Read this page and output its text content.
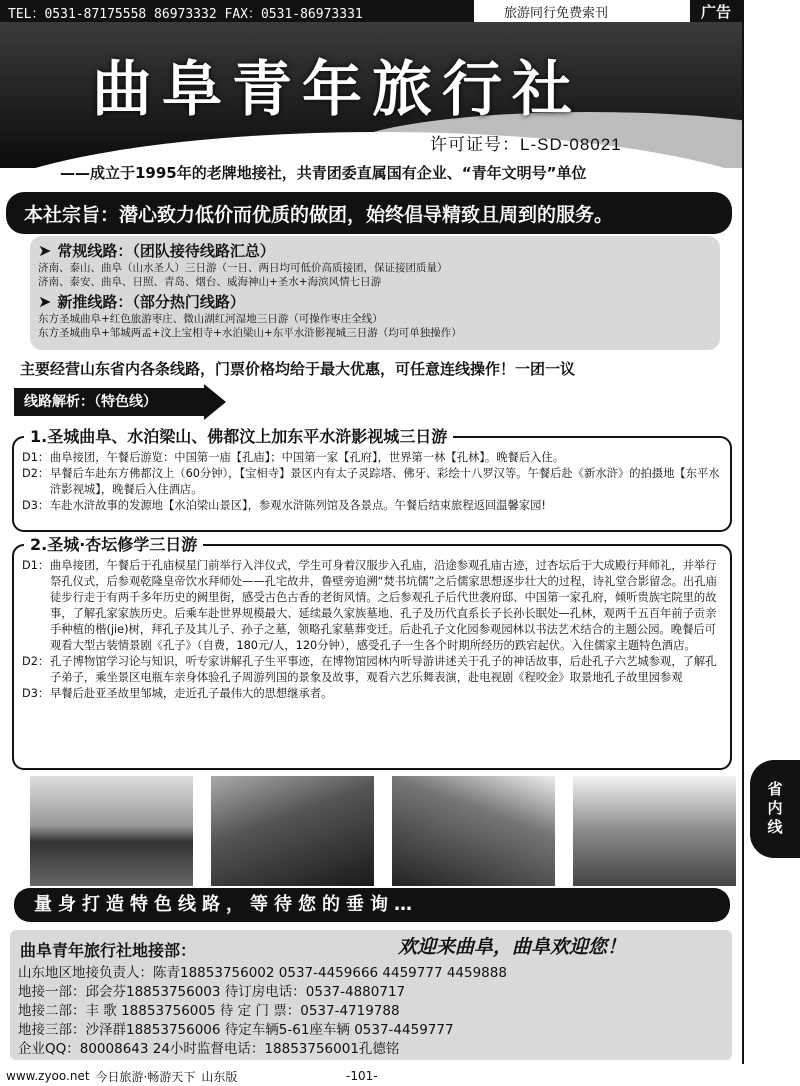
TEL：0531-87175558 86973332 FAX：0531-86973331	旅游同行免费索刊	广告
省内线
曲阜青年旅行社
许可证号：L-SD-08021
——成立于1995年的老牌地接社，共青团委直属国有企业、“青年文明号”单位
本社宗旨：潜心致力低价而优质的做团，始终倡导精致且周到的服务。
➤ 常规线路：（团队接待线路汇总）
济南、泰山、曲阜（山水圣人）三日游（一日、两日均可低价高质接团，保证接团质量）
济南、泰安、曲阜、日照、青岛、烟台、威海神山+圣水+海滨风情七日游
➤ 新推线路：（部分热门线路）
东方圣城曲阜+红色旅游枣庄、微山湖红河湿地三日游（可操作枣庄全线）
东方圣城曲阜+邹城两孟+汶上宝相寺+水泊梁山+东平水浒影视城三日游（均可单独操作）
主要经营山东省内各条线路，门票价格均给于最大优惠，可任意连线操作！一团一议
线路解析：（特色线）
1.圣城曲阜、水泊梁山、佛都汶上加东平水浒影视城三日游
D1： 曲阜接团，午餐后游览：中国第一庙【孔庙】；中国第一家【孔府】，世界第一林【孔林】。晚餐后入住。
D2： 早餐后车赴东方佛都汶上（60分钟），【宝相寺】景区内有太子灵踪塔、佛牙、彩绘十八罗汉等。午餐后赴《新水浒》的拍摄地【东平水浒影视城】，晚餐后入住酒店。
D3： 车赴水浒故事的发源地【水泊梁山景区】，参观水浒陈列馆及各景点。午餐后结束旅程返回温馨家园!
2.圣城·杏坛修学三日游
D1： 曲阜接团，午餐后于孔庙棂星门前举行入泮仪式，学生可身着汉服步入孔庙，沿途参观孔庙古迹，过杏坛后于大成殿行拜师礼，并举行祭孔仪式，后参观乾隆皇帝饮水拜师处——孔宅故井，鲁壁旁追溯“焚书坑儒”之后儒家思想逐步壮大的过程，诗礼堂合影留念。出孔庙徒步行走于有两千多年历史的阙里街，感受古色古香的老街风情。之后参观孔子后代世袭府邸、中国第一家孔府，倾听贵族宅院里的故事，了解孔家家族历史。后乘车赴世界规模最大、延续最久家族墓地、孔子及历代直系长子长孙长眠处—孔林，观两千五百年前子贡亲手种植的楷(jie)树，拜孔子及其儿子、孙子之墓，领略孔家墓葬变迁。后赴孔子文化园参观园林以书法艺术结合的主题公园。晚餐后可观看大型古装情景剧《孔子》（自费，180元/人，120分钟），感受孔子一生各个时期所经历的跌宕起伏。入住儒家主题特色酒店。
D2： 孔子博物馆学习论与知识，听专家讲解孔子生平事迹，在博物馆园林内听导游讲述关于孔子的神话故事，后赴孔子六艺城参观，了解孔子弟子，乘坐景区电瓶车亲身体验孔子周游列国的景象及故事，观看六艺乐舞表演，赴电视剧《程咬金》取景地孔子故里园参观
D3： 早餐后赴亚圣故里邹城，走近孔子最伟大的思想继承者。
量身打造特色线路，等待您的垂询…
曲阜青年旅行社地接部：	欢迎来曲阜，曲阜欢迎您！
山东地区地接负责人：陈青18853756002 0537-4459666 4459777 4459888
地接一部：邱会芬18853756003 待订房电话：0537-4880717
地接二部：丰 歌 18853756005 待 定 门 票：0537-4719788
地接三部：沙泽群18853756006 待定车辆5-61座车辆 0537-4459777
企业QQ：80008643 24小时监督电话：18853756001孔德铭
www.zyoo.net 今日旅游·畅游天下 山东版	-101-
